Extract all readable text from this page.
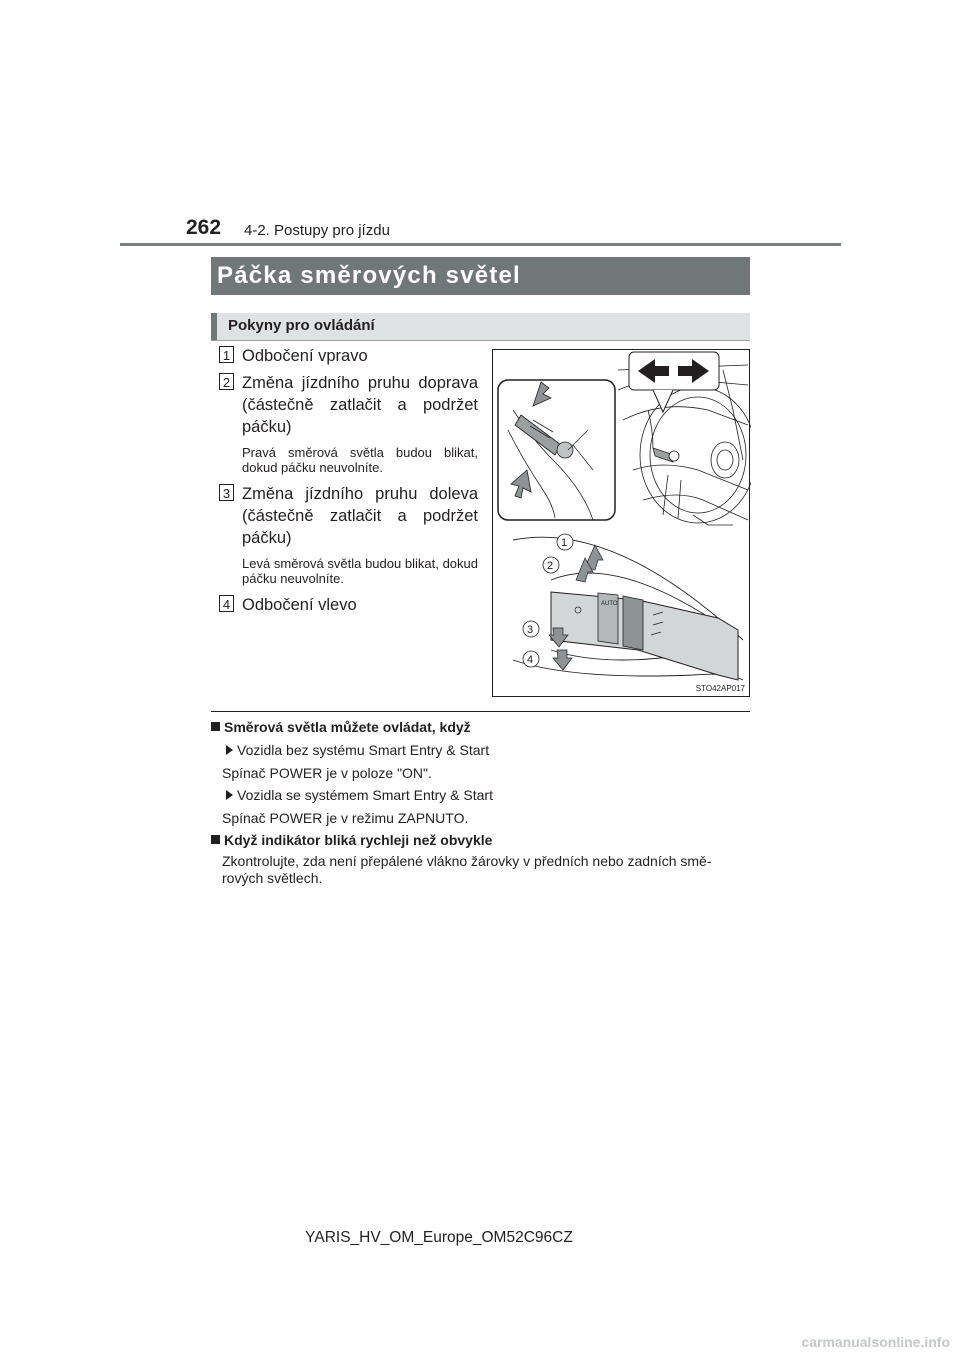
262 4-2. Postupy pro jízdu
Páčka směrových světel
Pokyny pro ovládání
1 Odbočení vpravo
2 Změna jízdního pruhu doprava (částečně zatlačit a podržet páčku)
Pravá směrová světla budou blikat, dokud páčku neuvolníte.
3 Změna jízdního pruhu doleva (částečně zatlačit a podržet páčku)
Levá směrová světla budou blikat, dokud páčku neuvolníte.
4 Odbočení vlevo	AUTO
1
2
3
4
STO42AP017
Směrová světla můžete ovládat, když
Vozidla bez systému Smart Entry & Start
Spínač POWER je v poloze "ON".
Vozidla se systémem Smart Entry & Start
Spínač POWER je v režimu ZAPNUTO.
Když indikátor bliká rychleji než obvykle
Zkontrolujte, zda není přepálené vlákno žárovky v předních nebo zadních smě-
rových světlech.
YARIS_HV_OM_Europe_OM52C96CZ
carmanualsonline.info
